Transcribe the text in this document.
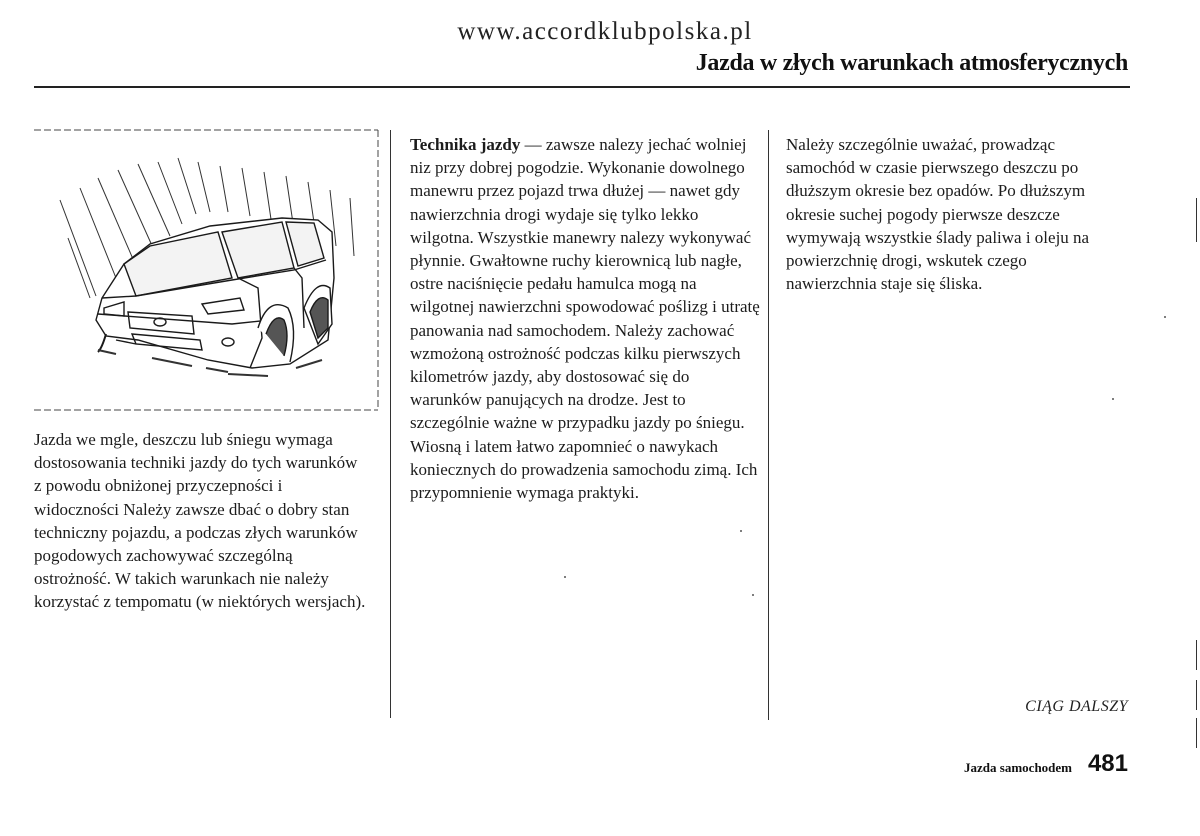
www.accordklubpolska.pl
Jazda w złych warunkach atmosferycznych

Jazda we mgle, deszczu lub śniegu wymaga dostosowania techniki jazdy do tych warunków z powodu obniżonej przyczepności i widoczności Należy zawsze dbać o dobry stan techniczny pojazdu, a podczas złych warunków pogodowych zachowywać szczególną ostrożność. W takich warunkach nie należy korzystać z tempomatu (w niektórych wersjach).

Technika jazdy — zawsze nalezy jechać wolniej niz przy dobrej pogodzie. Wykonanie dowolnego manewru przez pojazd trwa dłużej — nawet gdy nawierzchnia drogi wydaje się tylko lekko wilgotna. Wszystkie manewry nalezy wykonywać płynnie. Gwałtowne ruchy kierownicą lub nagłe, ostre naciśnięcie pedału hamulca mogą na wilgotnej nawierzchni spowodować poślizg i utratę panowania nad samochodem. Należy zachować wzmożoną ostrożność podczas kilku pierwszych kilometrów jazdy, aby dostosować się do warunków panujących na drodze. Jest to szczególnie ważne w przypadku jazdy po śniegu. Wiosną i latem łatwo zapomnieć o nawykach koniecznych do prowadzenia samochodu zimą. Ich przypomnienie wymaga praktyki.

Należy szczególnie uważać, prowadząc samochód w czasie pierwszego deszczu po dłuższym okresie bez opadów. Po dłuższym okresie suchej pogody pierwsze deszcze wymywają wszystkie ślady paliwa i oleju na powierzchnię drogi, wskutek czego nawierzchnia staje się śliska.

CIĄG DALSZY
Jazda samochodem 481
